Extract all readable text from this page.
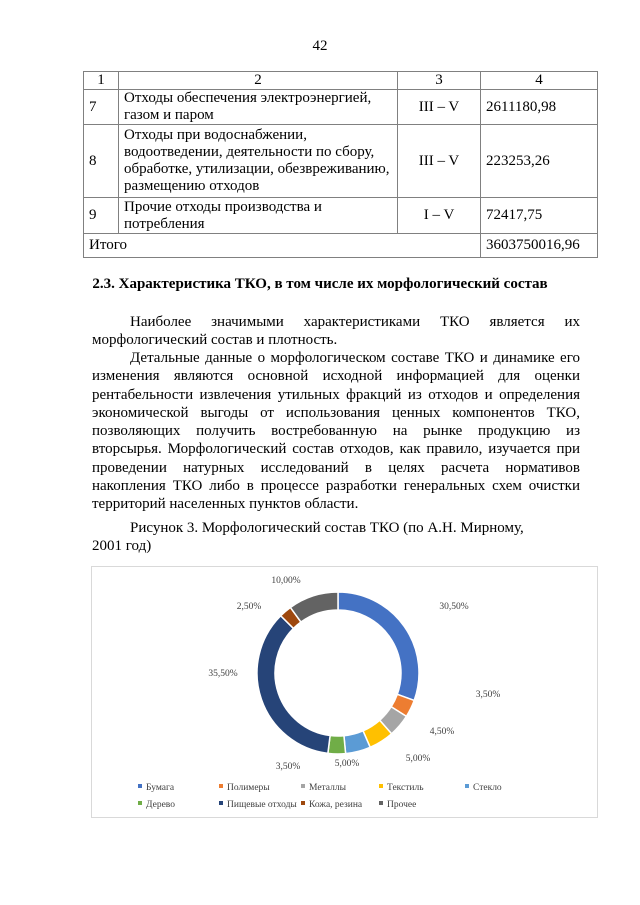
42
1	2	3	4
7	Отходы обеспечения электроэнергией, газом и паром	III – V	2611180,98
8	Отходы при водоснабжении, водоотведении, деятельности по сбору, обработке, утилизации, обезвреживанию, размещению отходов	III – V	223253,26
9	Прочие отходы производства и потребления	I – V	72417,75
Итого			3603750016,96
2.3. Характеристика ТКО, в том числе их морфологический состав
Наиболее значимыми характеристиками ТКО является их морфологический состав и плотность.
Детальные данные о морфологическом составе ТКО и динамике его изменения являются основной исходной информацией для оценки рентабельности извлечения утильных фракций из отходов и определения экономической выгоды от использования ценных компонентов ТКО, позволяющих получить востребованную на рынке продукцию из вторсырья. Морфологический состав отходов, как правило, изучается при проведении натурных исследований в целях расчета нормативов накопления ТКО либо в процессе разработки генеральных схем очистки территорий населенных пунктов области.
Рисунок 3. Морфологический состав ТКО (по А.Н. Мирному, 2001 год)
30,50%
3,50%
4,50%
5,00%
5,00%
3,50%
35,50%
2,50%
10,00%
Бумага	Полимеры	Металлы	Текстиль	Стекло
Дерево	Пищевые отходы Кожа, резина	Прочее
